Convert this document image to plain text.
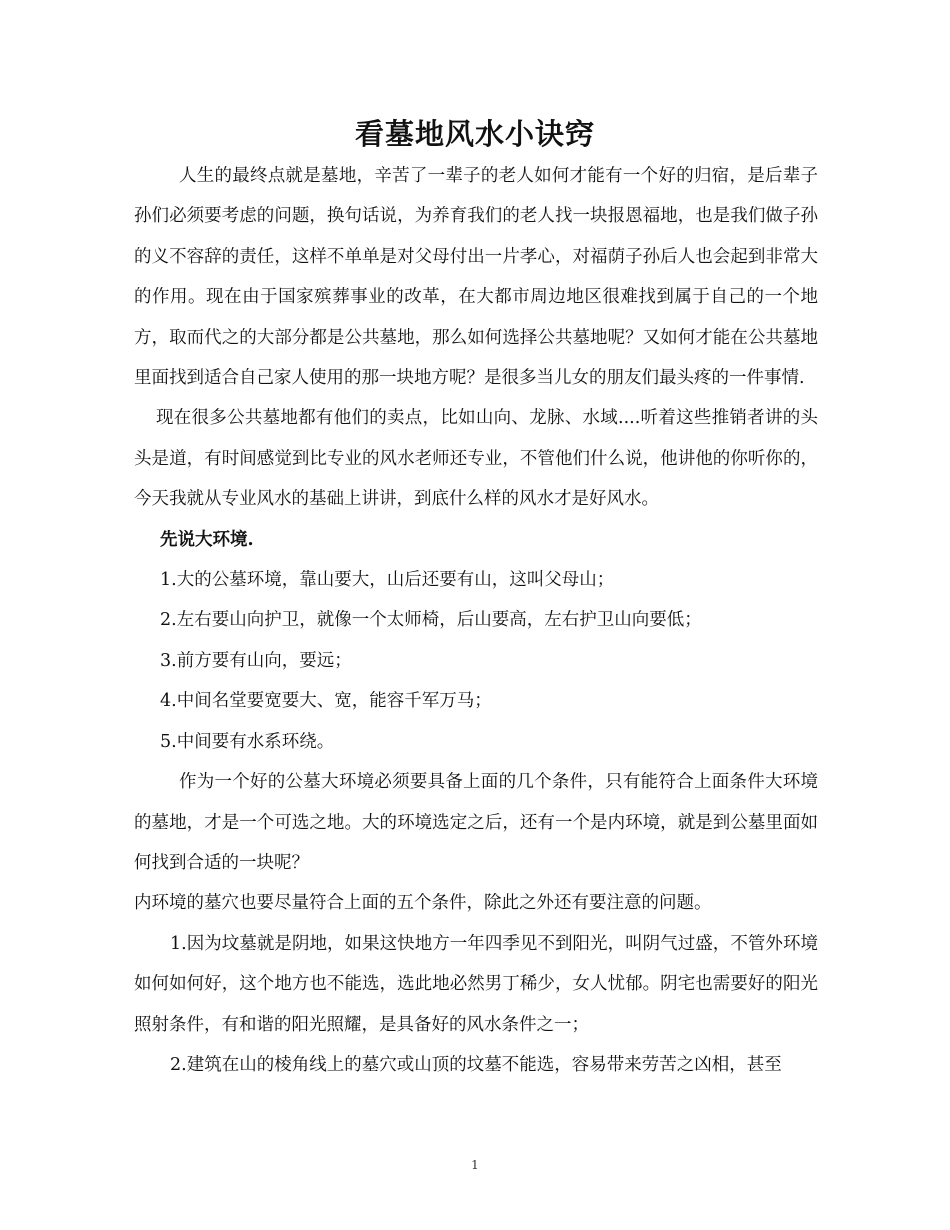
看墓地风水小诀窍

人生的最终点就是墓地，辛苦了一辈子的老人如何才能有一个好的归宿，是后辈子孙们必须要考虑的问题，换句话说，为养育我们的老人找一块报恩福地，也是我们做子孙的义不容辞的责任，这样不单单是对父母付出一片孝心，对福荫子孙后人也会起到非常大的作用。现在由于国家殡葬事业的改革，在大都市周边地区很难找到属于自己的一个地方，取而代之的大部分都是公共墓地，那么如何选择公共墓地呢？又如何才能在公共墓地里面找到适合自己家人使用的那一块地方呢？是很多当儿女的朋友们最头疼的一件事情.

现在很多公共墓地都有他们的卖点，比如山向、龙脉、水域....听着这些推销者讲的头头是道，有时间感觉到比专业的风水老师还专业，不管他们什么说，他讲他的你听你的，今天我就从专业风水的基础上讲讲，到底什么样的风水才是好风水。

先说大环境.

1.大的公墓环境，靠山要大，山后还要有山，这叫父母山；

2.左右要山向护卫，就像一个太师椅，后山要高，左右护卫山向要低；

3.前方要有山向，要远；

4.中间名堂要宽要大、宽，能容千军万马；

5.中间要有水系环绕。

作为一个好的公墓大环境必须要具备上面的几个条件，只有能符合上面条件大环境的墓地，才是一个可选之地。大的环境选定之后，还有一个是内环境，就是到公墓里面如何找到合适的一块呢？

内环境的墓穴也要尽量符合上面的五个条件，除此之外还有要注意的问题。

1.因为坟墓就是阴地，如果这快地方一年四季见不到阳光，叫阴气过盛，不管外环境如何如何好，这个地方也不能选，选此地必然男丁稀少，女人忧郁。阴宅也需要好的阳光照射条件，有和谐的阳光照耀，是具备好的风水条件之一；

2.建筑在山的棱角线上的墓穴或山顶的坟墓不能选，容易带来劳苦之凶相，甚至

1
